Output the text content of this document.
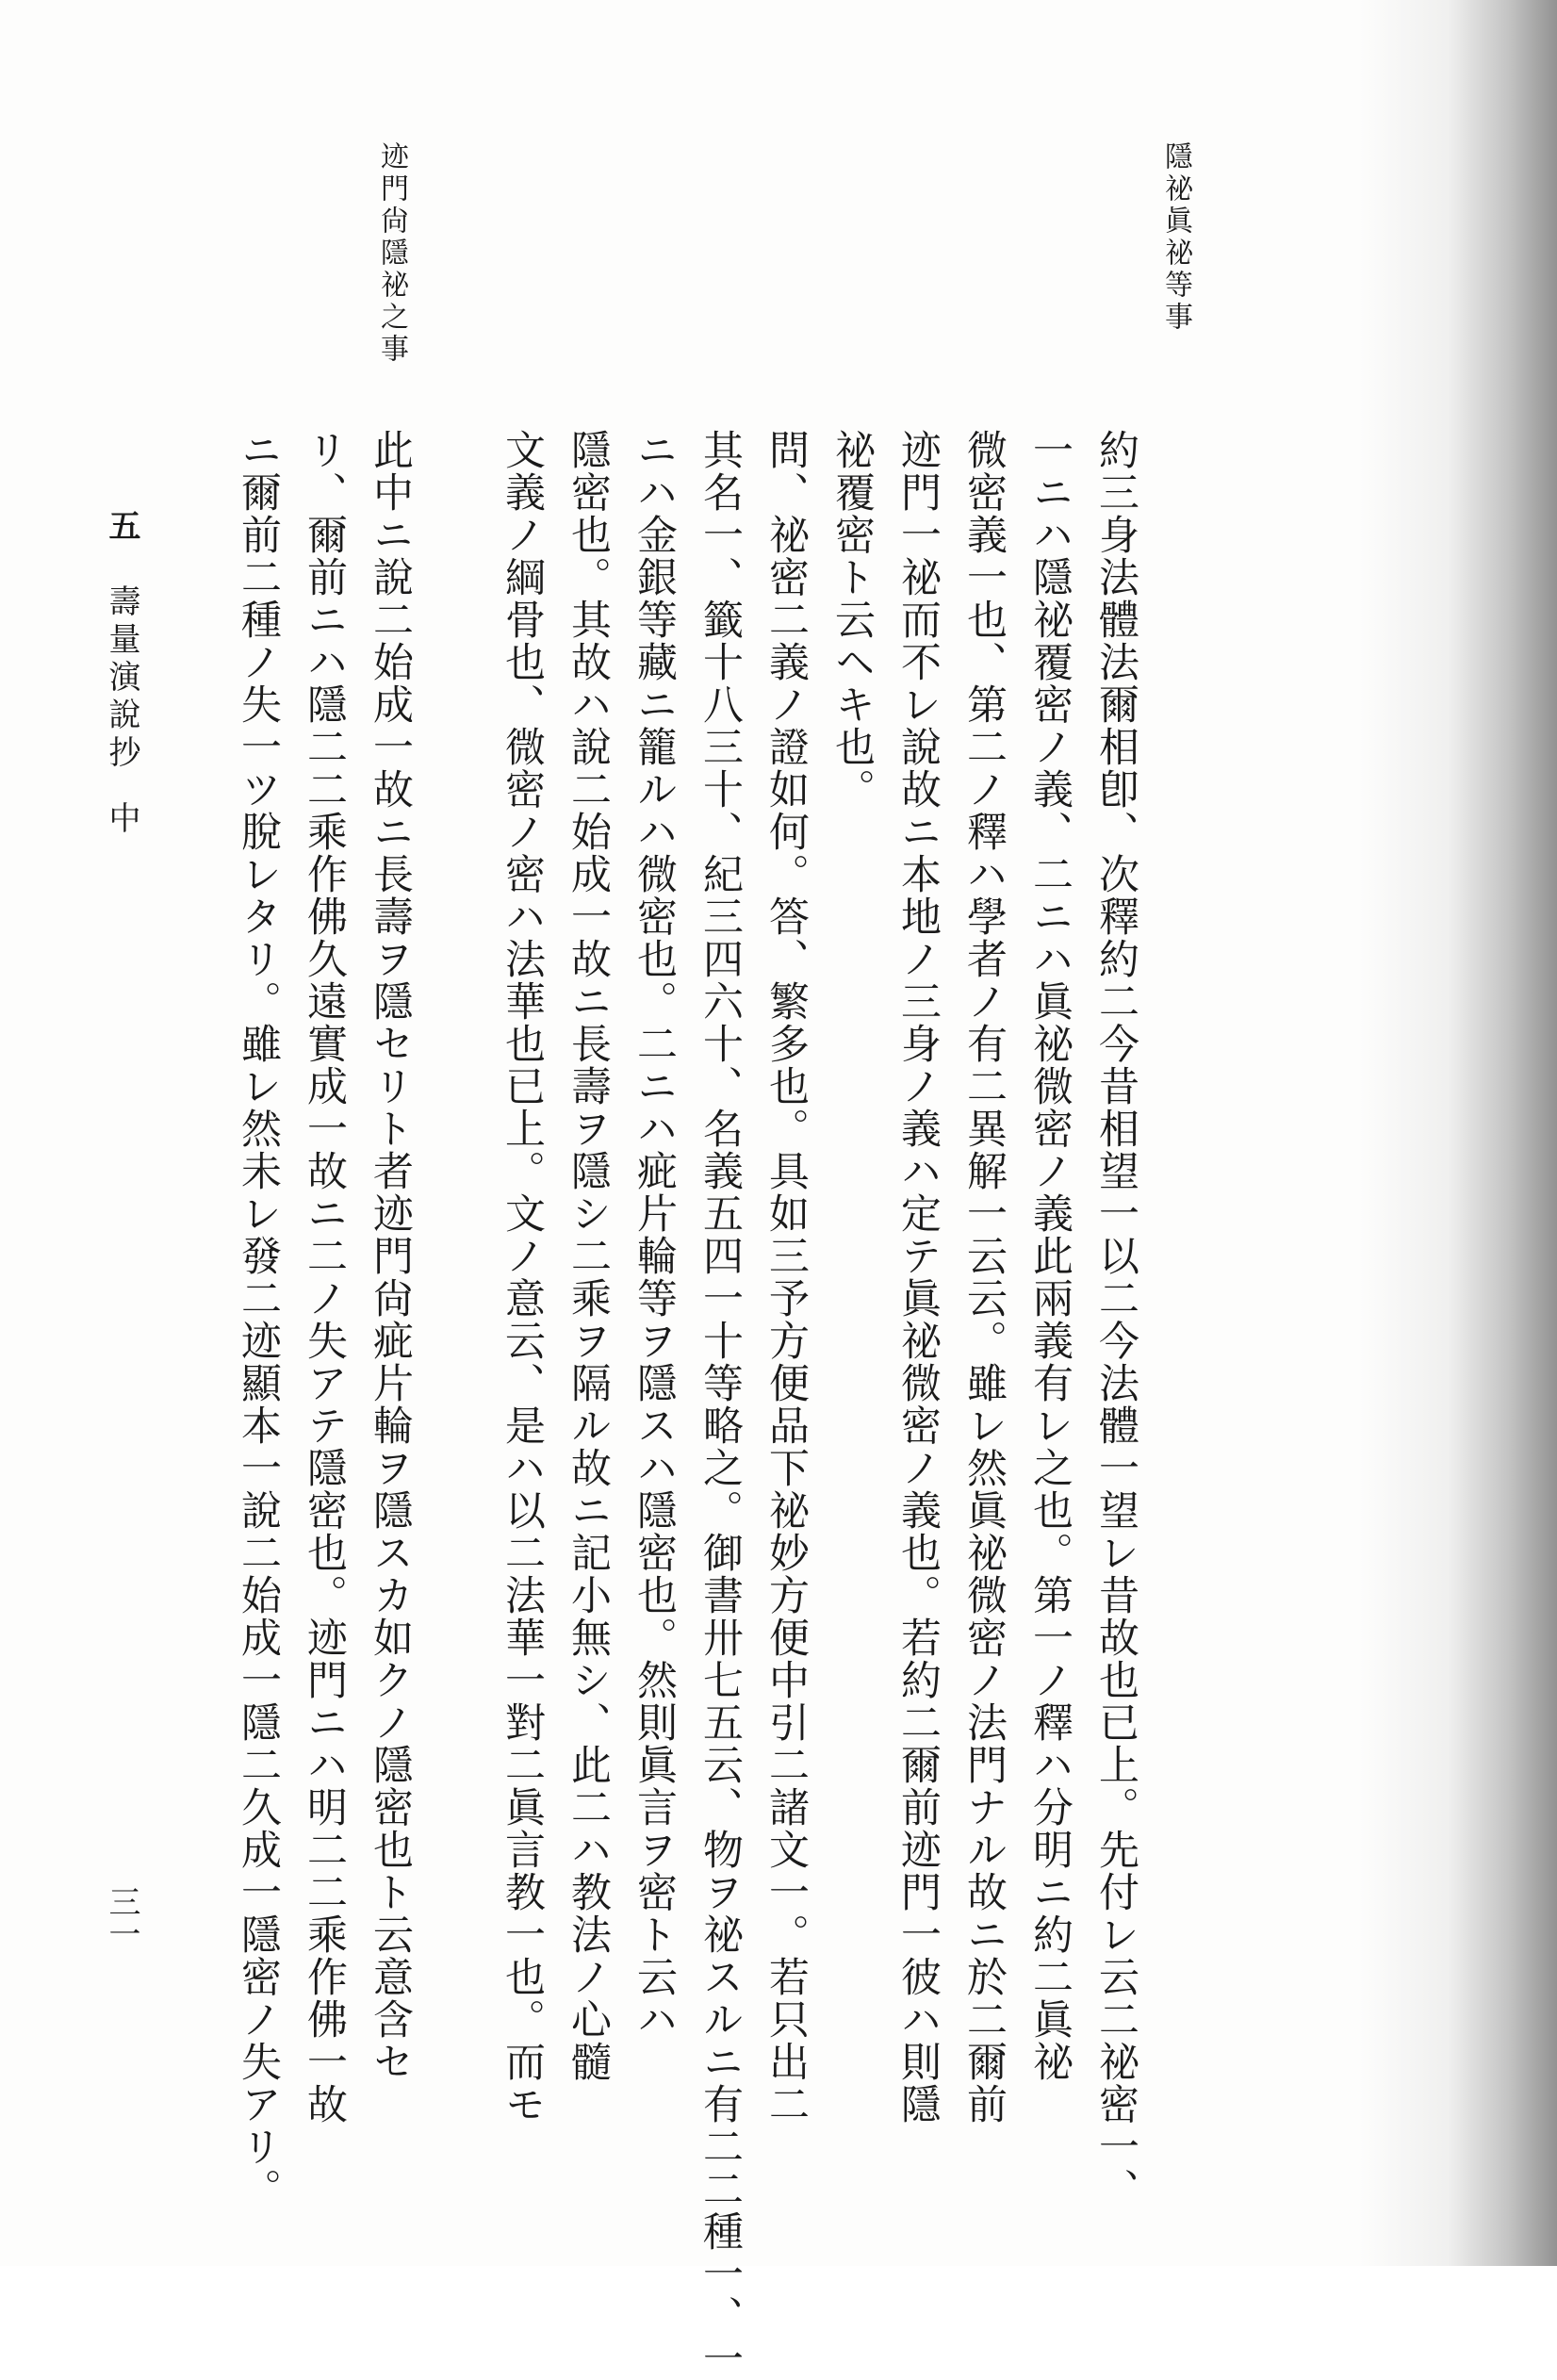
隱祕眞祕等事
迹門尙隱祕之事
約三身法體法爾相卽、次釋約二今昔相望一以二今法體一望レ昔故也已上。先付レ云二祕密一、
一ニハ隱祕覆密ノ義、二ニハ眞祕微密ノ義此兩義有レ之也。第一ノ釋ハ分明ニ約二眞祕
微密義一也、第二ノ釋ハ學者ノ有二異解一云云。雖レ然眞祕微密ノ法門ナル故ニ於二爾前
迹門一祕而不レ說故ニ本地ノ三身ノ義ハ定テ眞祕微密ノ義也。若約二爾前迹門一彼ハ則隱
祕覆密ト云ヘキ也。
問、祕密二義ノ證如何。答、繁多也。具如三予方便品下祕妙方便中引二諸文一。若只出二
其名一、籤十八三十、紀三四六十、名義五四一十等略之。御書卅七五云、物ヲ祕スルニ有二二種一、一
ニハ金銀等藏ニ籠ルハ微密也。二ニハ疵片輪等ヲ隱スハ隱密也。然則眞言ヲ密ト云ハ
隱密也。其故ハ說二始成一故ニ長壽ヲ隱シ二乘ヲ隔ル故ニ記小無シ、此二ハ教法ノ心髓
文義ノ綱骨也、微密ノ密ハ法華也已上。文ノ意云、是ハ以二法華一對二眞言教一也。而モ
此中ニ說二始成一故ニ長壽ヲ隱セリト者迹門尙疵片輪ヲ隱スカ如クノ隱密也ト云意含セ
リ、爾前ニハ隱二二乘作佛久遠實成一故ニ二ノ失アテ隱密也。迹門ニハ明二二乘作佛一故
ニ爾前二種ノ失一ツ脫レタリ。雖レ然未レ發二迹顯本一說二始成一隱二久成一隱密ノ失アリ。
五
壽量演說抄
中
三一
